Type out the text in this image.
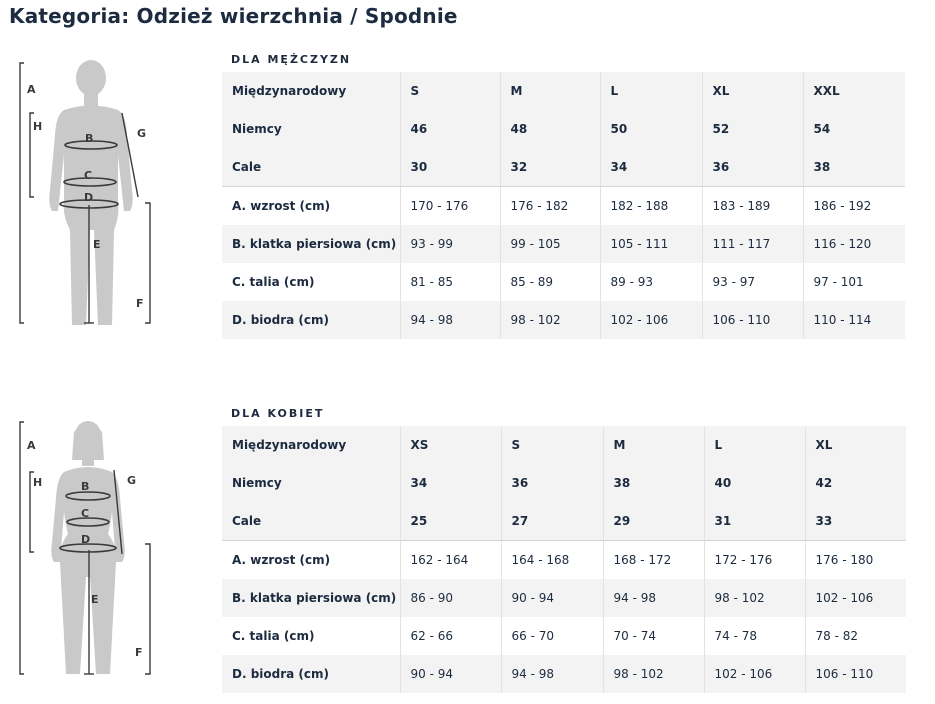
Kategoria: Odzież wierzchnia / Spodnie
A
H
B
C
D
E
F
G
DLA MĘŻCZYZN
Międzynarodowy	S	M	L	XL	XXL
Niemcy	46	48	50	52	54
Cale	30	32	34	36	38
A. wzrost (cm)	170 - 176	176 - 182	182 - 188	183 - 189	186 - 192
B. klatka piersiowa (cm)	93 - 99	99 - 105	105 - 111	111 - 117	116 - 120
C. talia (cm)	81 - 85	85 - 89	89 - 93	93 - 97	97 - 101
D. biodra (cm)	94 - 98	98 - 102	102 - 106	106 - 110	110 - 114
A
H	B
C
D
E
F
G
DLA KOBIET
Międzynarodowy	XS	S	M	L	XL
Niemcy	34	36	38	40	42
Cale	25	27	29	31	33
A. wzrost (cm)	162 - 164	164 - 168	168 - 172	172 - 176	176 - 180
B. klatka piersiowa (cm)	86 - 90	90 - 94	94 - 98	98 - 102	102 - 106
C. talia (cm)	62 - 66	66 - 70	70 - 74	74 - 78	78 - 82
D. biodra (cm)	90 - 94	94 - 98	98 - 102	102 - 106	106 - 110
